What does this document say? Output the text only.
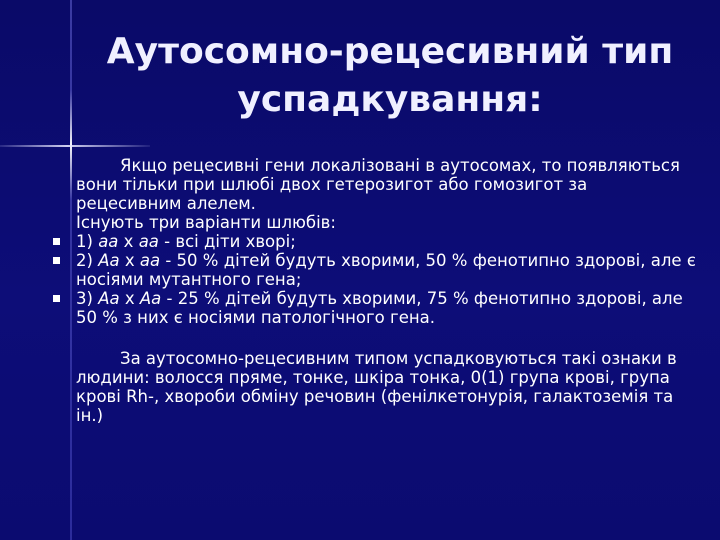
Аутосомно-рецесивний тип
успадкування:

Якщо рецесивні гени локалізовані в аутосомах, то появляються вони тільки при шлюбі двох гетерозигот або гомозигот за рецесивним алелем.

Існують три варіанти шлюбів:

1) аа х аа - всі діти хворі;
2) Аа х аа - 50 % дітей будуть хворими, 50 % фенотипно здорові, але є носіями мутантного гена;
3) Аа х Аа - 25 % дітей будуть хворими, 75 % фенотипно здорові, але 50 % з них є носіями патологічного гена.

За аутосомно-рецесивним типом успадковуються такі ознаки в людини: волосся пряме, тонке, шкіра тонка, 0(1) група крові, група крові Rh-, хвороби обміну речовин (фенілкетонурія, галактоземія та ін.)
